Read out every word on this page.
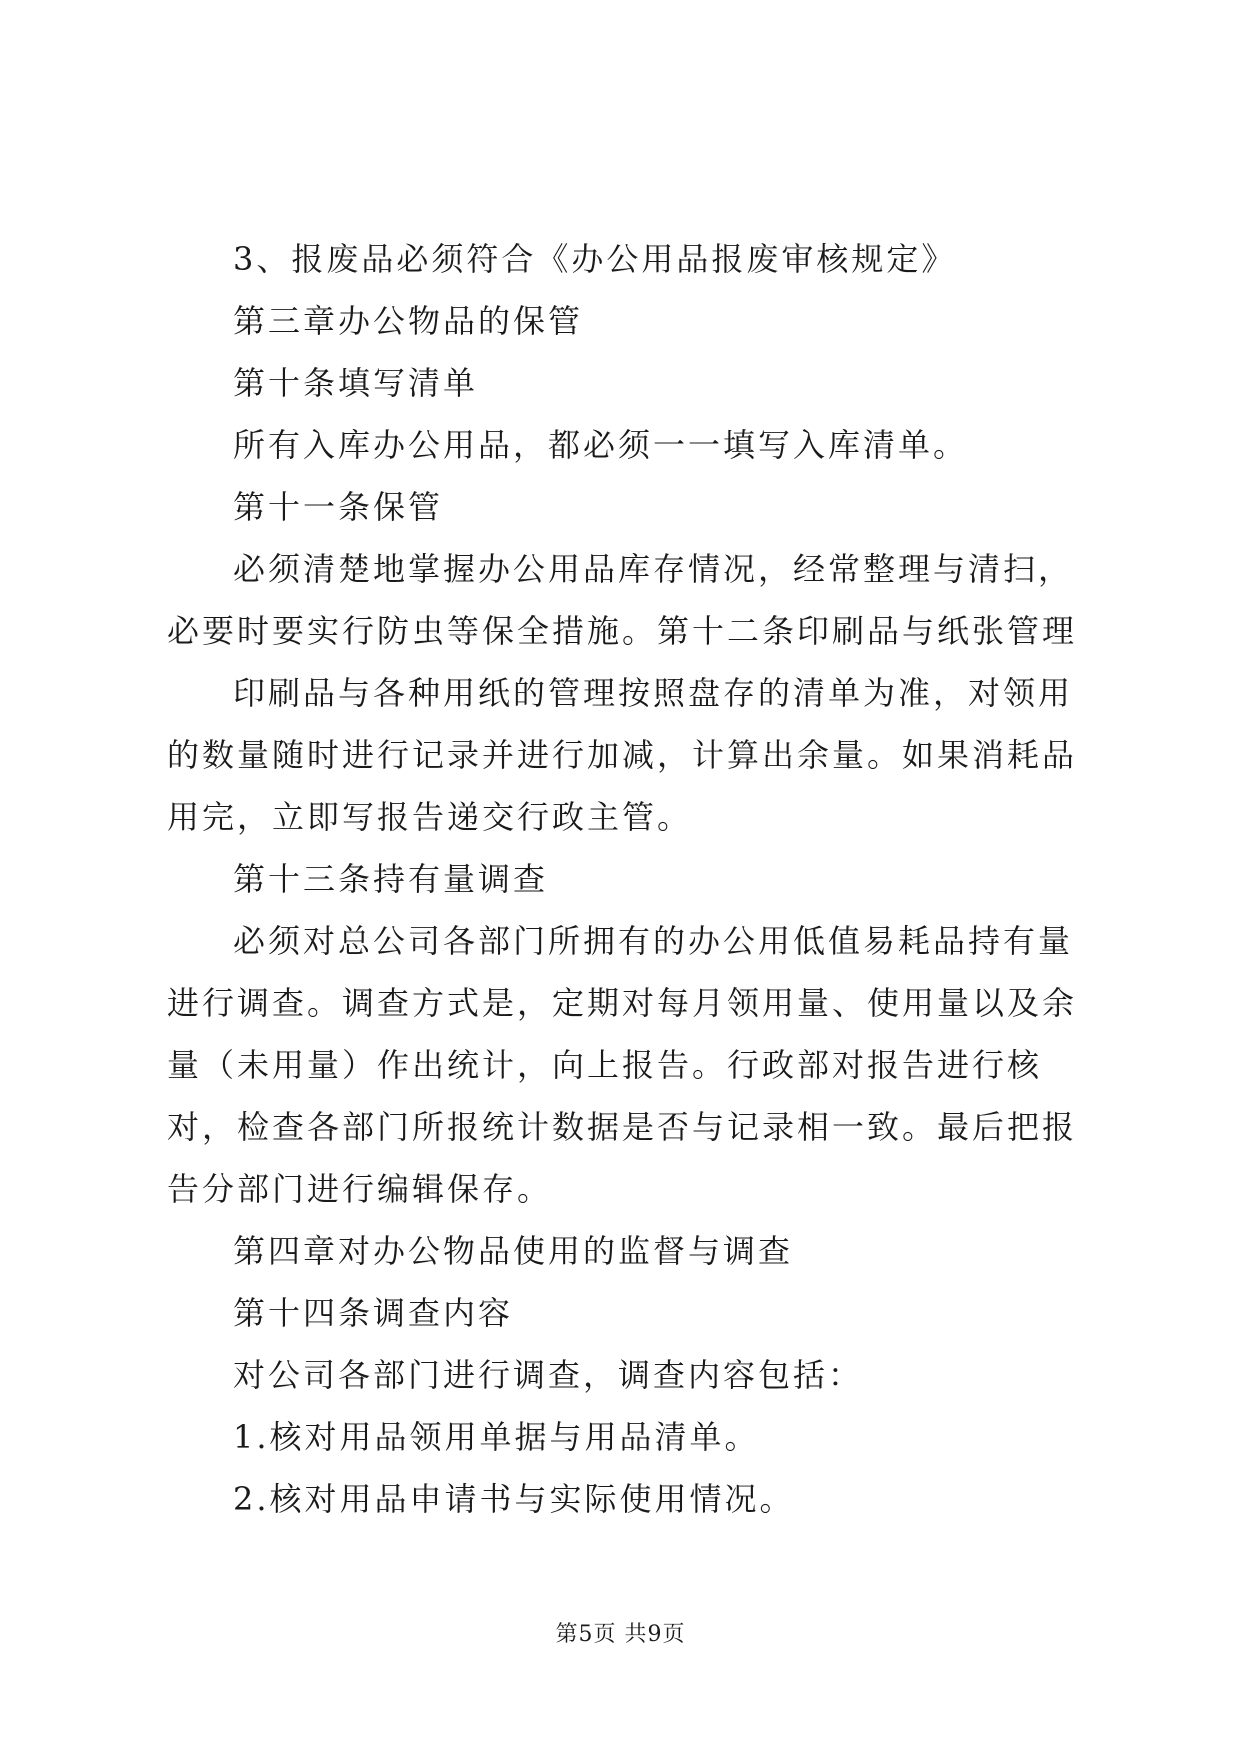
3、报废品必须符合《办公用品报废审核规定》

第三章办公物品的保管

第十条填写清单

所有入库办公用品，都必须一一填写入库清单。

第十一条保管

必须清楚地掌握办公用品库存情况，经常整理与清扫，必要时要实行防虫等保全措施。第十二条印刷品与纸张管理

印刷品与各种用纸的管理按照盘存的清单为准，对领用的数量随时进行记录并进行加减，计算出余量。如果消耗品用完，立即写报告递交行政主管。

第十三条持有量调查

必须对总公司各部门所拥有的办公用低值易耗品持有量进行调查。调查方式是，定期对每月领用量、使用量以及余量（未用量）作出统计，向上报告。行政部对报告进行核对，检查各部门所报统计数据是否与记录相一致。最后把报告分部门进行编辑保存。

第四章对办公物品使用的监督与调查

第十四条调查内容

对公司各部门进行调查，调查内容包括：

1.核对用品领用单据与用品清单。

2.核对用品申请书与实际使用情况。

第5页 共9页
